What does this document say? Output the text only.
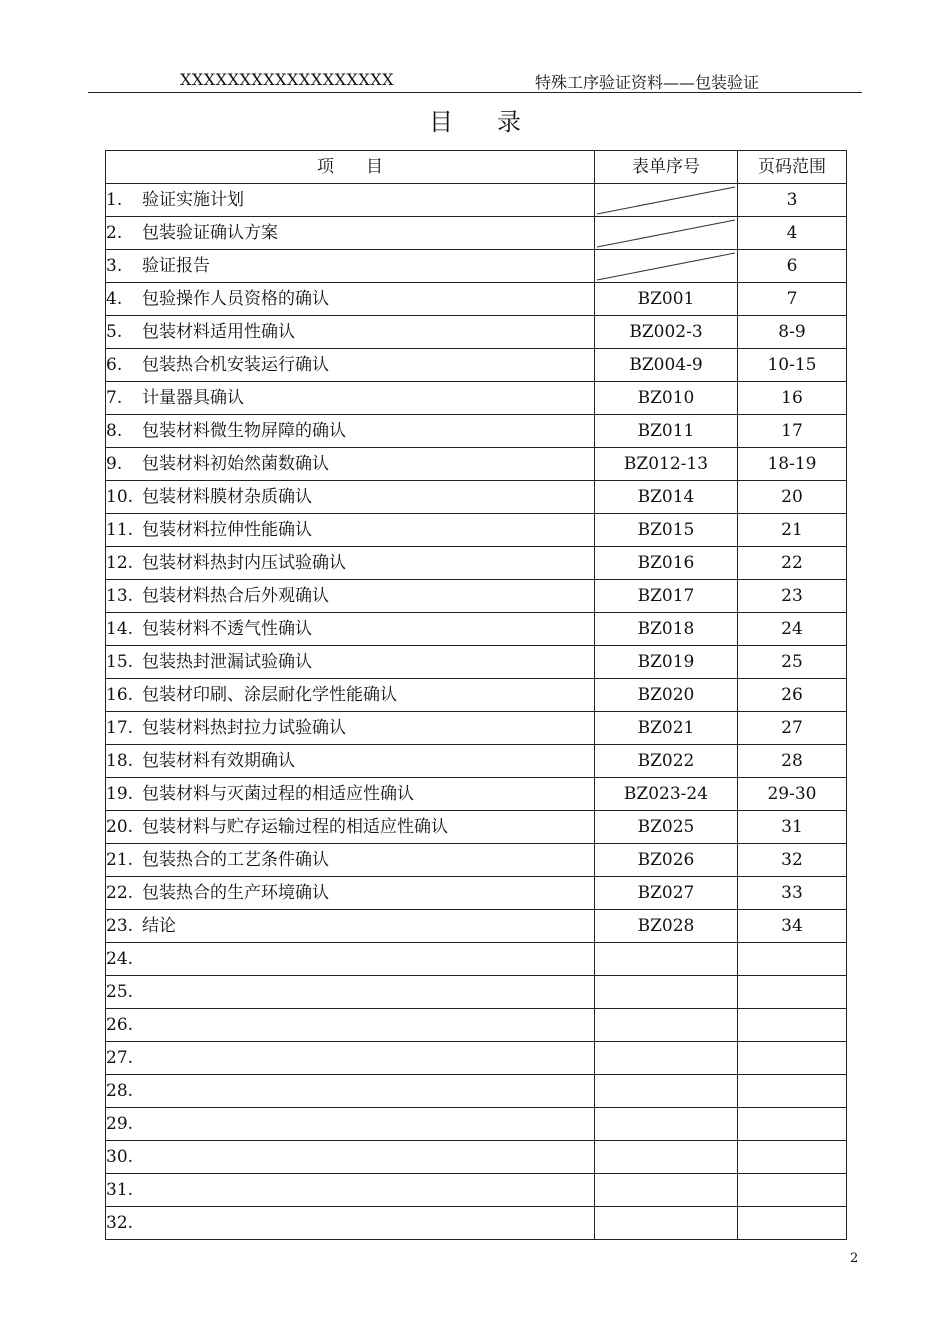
XXXXXXXXXXXXXXXXXX	特殊工序验证资料——包装验证
目录
项目	表单序号	页码范围
1. 验证实施计划		3
2. 包装验证确认方案		4
3. 验证报告		6
4. 包验操作人员资格的确认	BZ001	7
5. 包装材料适用性确认	BZ002-3	8-9
6. 包装热合机安装运行确认	BZ004-9	10-15
7. 计量器具确认	BZ010	16
8. 包装材料微生物屏障的确认	BZ011	17
9. 包装材料初始然菌数确认	BZ012-13	18-19
10. 包装材料膜材杂质确认	BZ014	20
11. 包装材料拉伸性能确认	BZ015	21
12. 包装材料热封内压试验确认	BZ016	22
13. 包装材料热合后外观确认	BZ017	23
14. 包装材料不透气性确认	BZ018	24
15. 包装热封泄漏试验确认	BZ019	25
16. 包装材印刷、涂层耐化学性能确认	BZ020	26
17. 包装材料热封拉力试验确认	BZ021	27
18. 包装材料有效期确认	BZ022	28
19. 包装材料与灭菌过程的相适应性确认	BZ023-24	29-30
20. 包装材料与贮存运输过程的相适应性确认	BZ025	31
21. 包装热合的工艺条件确认	BZ026	32
22. 包装热合的生产环境确认	BZ027	33
23. 结论	BZ028	34
24.		
25.		
26.		
27.		
28.		
29.		
30.		
31.		
32.		
2
